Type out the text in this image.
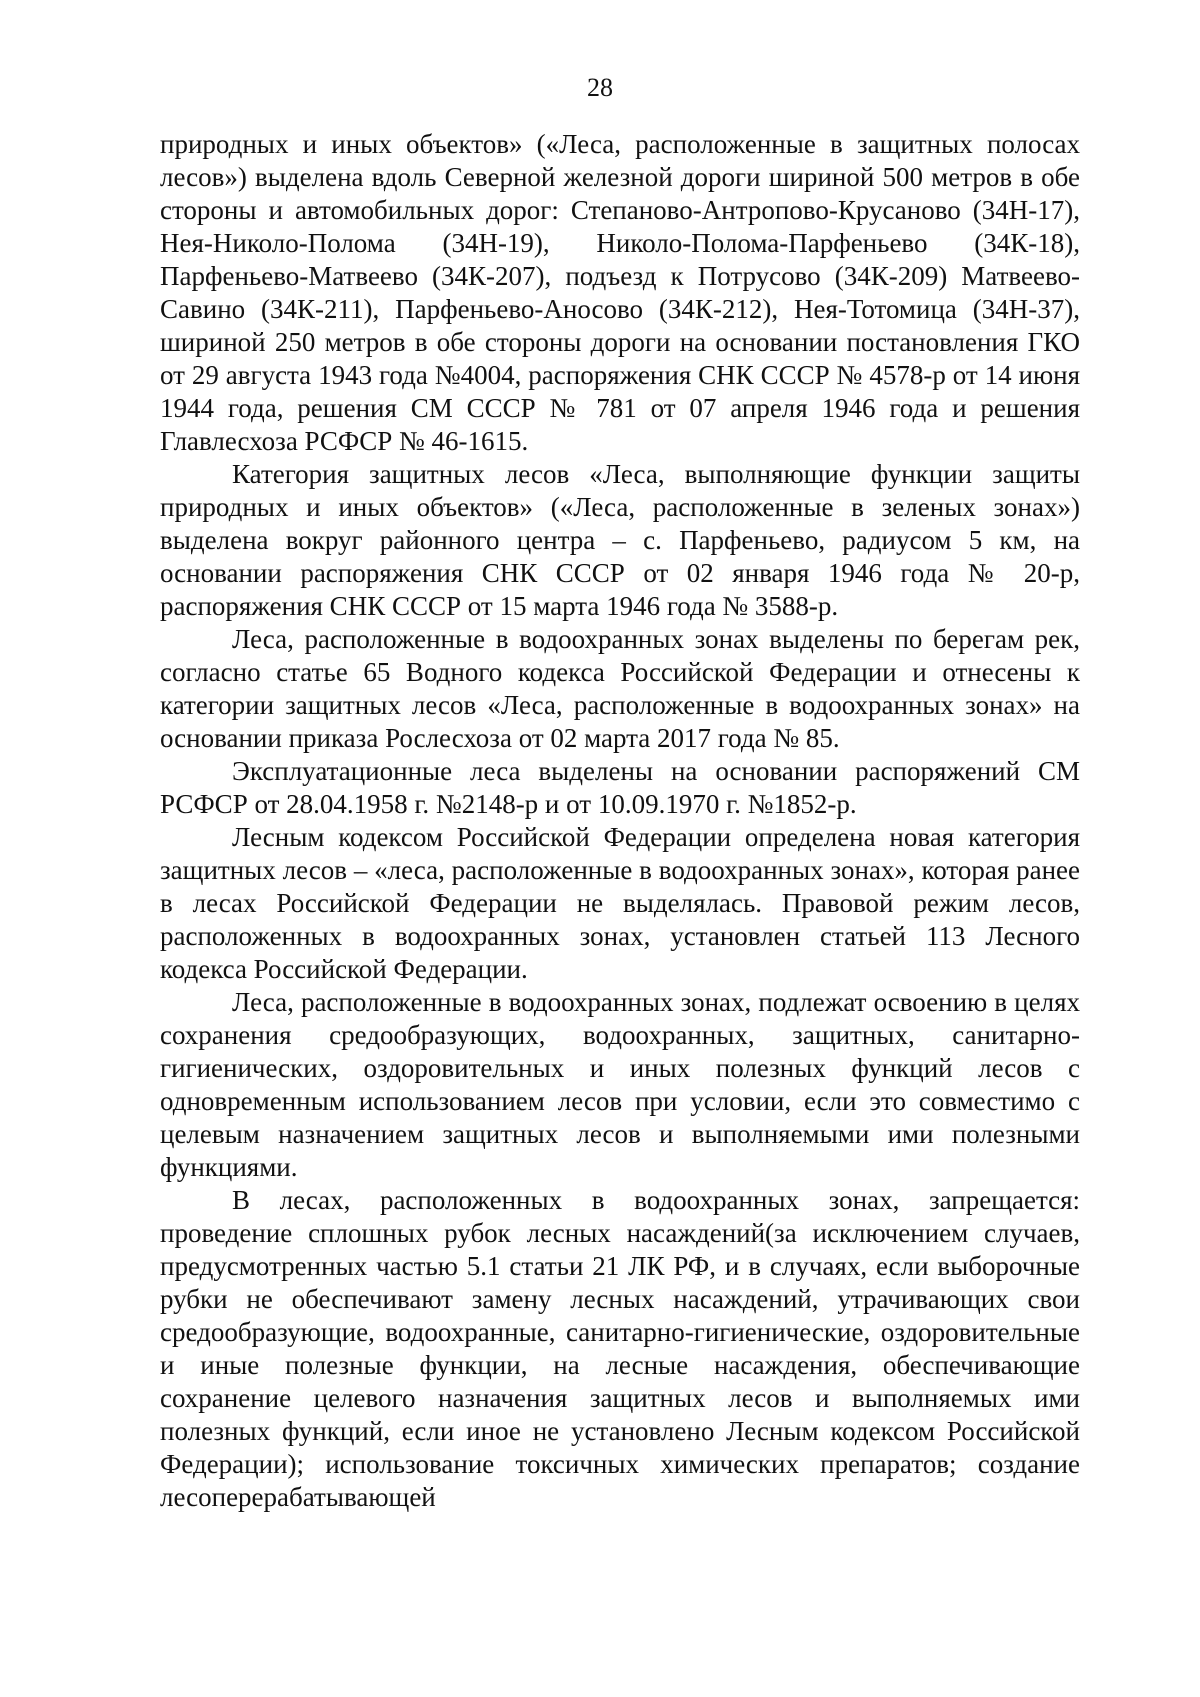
28

природных и иных объектов» («Леса, расположенные в защитных полосах лесов») выделена вдоль Северной железной дороги шириной 500 метров в обе стороны и автомобильных дорог: Степаново-Антропово-Крусаново (34Н-17), Нея-Николо-Полома (34Н-19), Николо-Полома-Парфеньево (34К-18), Парфеньево-Матвеево (34К-207), подъезд к Потрусово (34К-209) Матвеево-Савино (34К-211), Парфеньево-Аносово (34К-212), Нея-Тотомица (34Н-37), шириной 250 метров в обе стороны дороги на основании постановления ГКО от 29 августа 1943 года №4004, распоряжения СНК СССР № 4578-р от 14 июня 1944 года, решения СМ СССР № 781 от 07 апреля 1946 года и решения Главлесхоза РСФСР № 46-1615.

Категория защитных лесов «Леса, выполняющие функции защиты природных и иных объектов» («Леса, расположенные в зеленых зонах») выделена вокруг районного центра – с. Парфеньево, радиусом 5 км, на основании распоряжения СНК СССР от 02 января 1946 года № 20-р, распоряжения СНК СССР от 15 марта 1946 года № 3588-р.

Леса, расположенные в водоохранных зонах выделены по берегам рек, согласно статье 65 Водного кодекса Российской Федерации и отнесены к категории защитных лесов «Леса, расположенные в водоохранных зонах» на основании приказа Рослесхоза от 02 марта 2017 года № 85.

Эксплуатационные леса выделены на основании распоряжений СМ РСФСР от 28.04.1958 г. №2148-р и от 10.09.1970 г. №1852-р.

Лесным кодексом Российской Федерации определена новая категория защитных лесов – «леса, расположенные в водоохранных зонах», которая ранее в лесах Российской Федерации не выделялась. Правовой режим лесов, расположенных в водоохранных зонах, установлен статьей 113 Лесного кодекса Российской Федерации.

Леса, расположенные в водоохранных зонах, подлежат освоению в целях сохранения средообразующих, водоохранных, защитных, санитарно-гигиенических, оздоровительных и иных полезных функций лесов с одновременным использованием лесов при условии, если это совместимо с целевым назначением защитных лесов и выполняемыми ими полезными функциями.

В лесах, расположенных в водоохранных зонах, запрещается: проведение сплошных рубок лесных насаждений(за исключением случаев, предусмотренных частью 5.1 статьи 21 ЛК РФ, и в случаях, если выборочные рубки не обеспечивают замену лесных насаждений, утрачивающих свои средообразующие, водоохранные, санитарно-гигиенические, оздоровительные и иные полезные функции, на лесные насаждения, обеспечивающие сохранение целевого назначения защитных лесов и выполняемых ими полезных функций, если иное не установлено Лесным кодексом Российской Федерации); использование токсичных химических препаратов; создание лесоперерабатывающей
